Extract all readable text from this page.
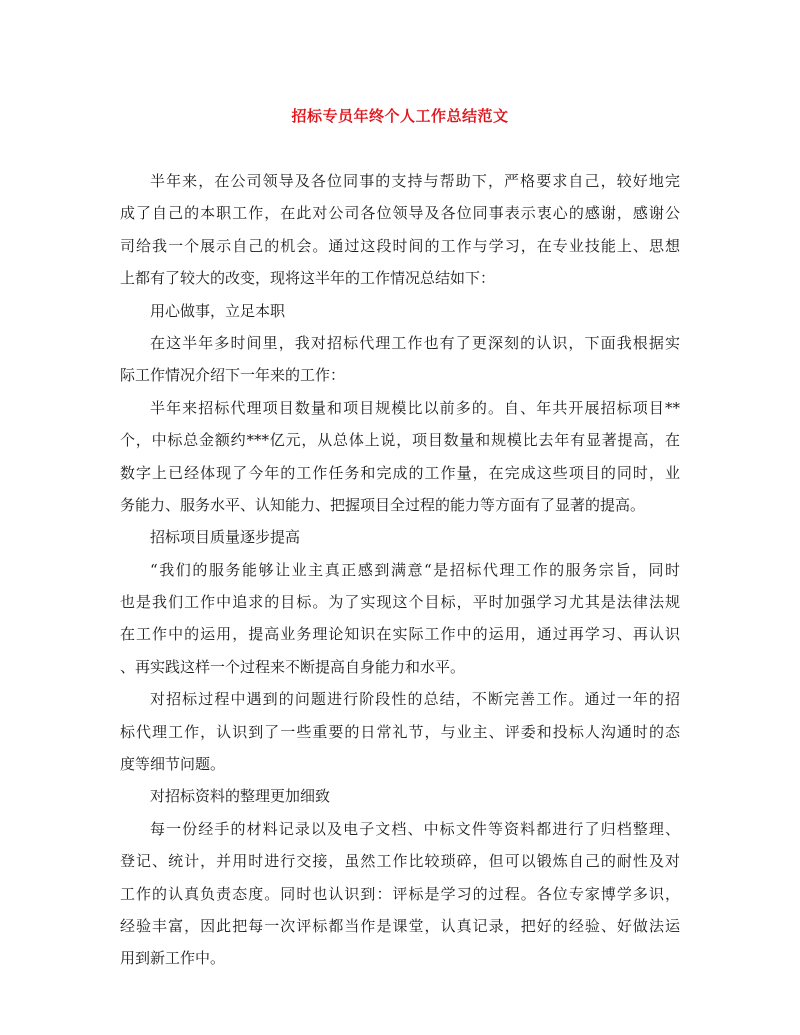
招标专员年终个人工作总结范文
半年来，在公司领导及各位同事的支持与帮助下，严格要求自己，较好地完
成了自己的本职工作，在此对公司各位领导及各位同事表示衷心的感谢，感谢公
司给我一个展示自己的机会。通过这段时间的工作与学习，在专业技能上、思想
上都有了较大的改变，现将这半年的工作情况总结如下：
用心做事，立足本职
在这半年多时间里，我对招标代理工作也有了更深刻的认识，下面我根据实
际工作情况介绍下一年来的工作：
半年来招标代理项目数量和项目规模比以前多的。自、年共开展招标项目**
个，中标总金额约***亿元，从总体上说，项目数量和规模比去年有显著提高，在
数字上已经体现了今年的工作任务和完成的工作量，在完成这些项目的同时，业
务能力、服务水平、认知能力、把握项目全过程的能力等方面有了显著的提高。
招标项目质量逐步提高
“我们的服务能够让业主真正感到满意“是招标代理工作的服务宗旨，同时
也是我们工作中追求的目标。为了实现这个目标，平时加强学习尤其是法律法规
在工作中的运用，提高业务理论知识在实际工作中的运用，通过再学习、再认识
、再实践这样一个过程来不断提高自身能力和水平。
对招标过程中遇到的问题进行阶段性的总结，不断完善工作。通过一年的招
标代理工作，认识到了一些重要的日常礼节，与业主、评委和投标人沟通时的态
度等细节问题。
对招标资料的整理更加细致
每一份经手的材料记录以及电子文档、中标文件等资料都进行了归档整理、
登记、统计，并用时进行交接，虽然工作比较琐碎，但可以锻炼自己的耐性及对
工作的认真负责态度。同时也认识到：评标是学习的过程。各位专家博学多识，
经验丰富，因此把每一次评标都当作是课堂，认真记录，把好的经验、好做法运
用到新工作中。
